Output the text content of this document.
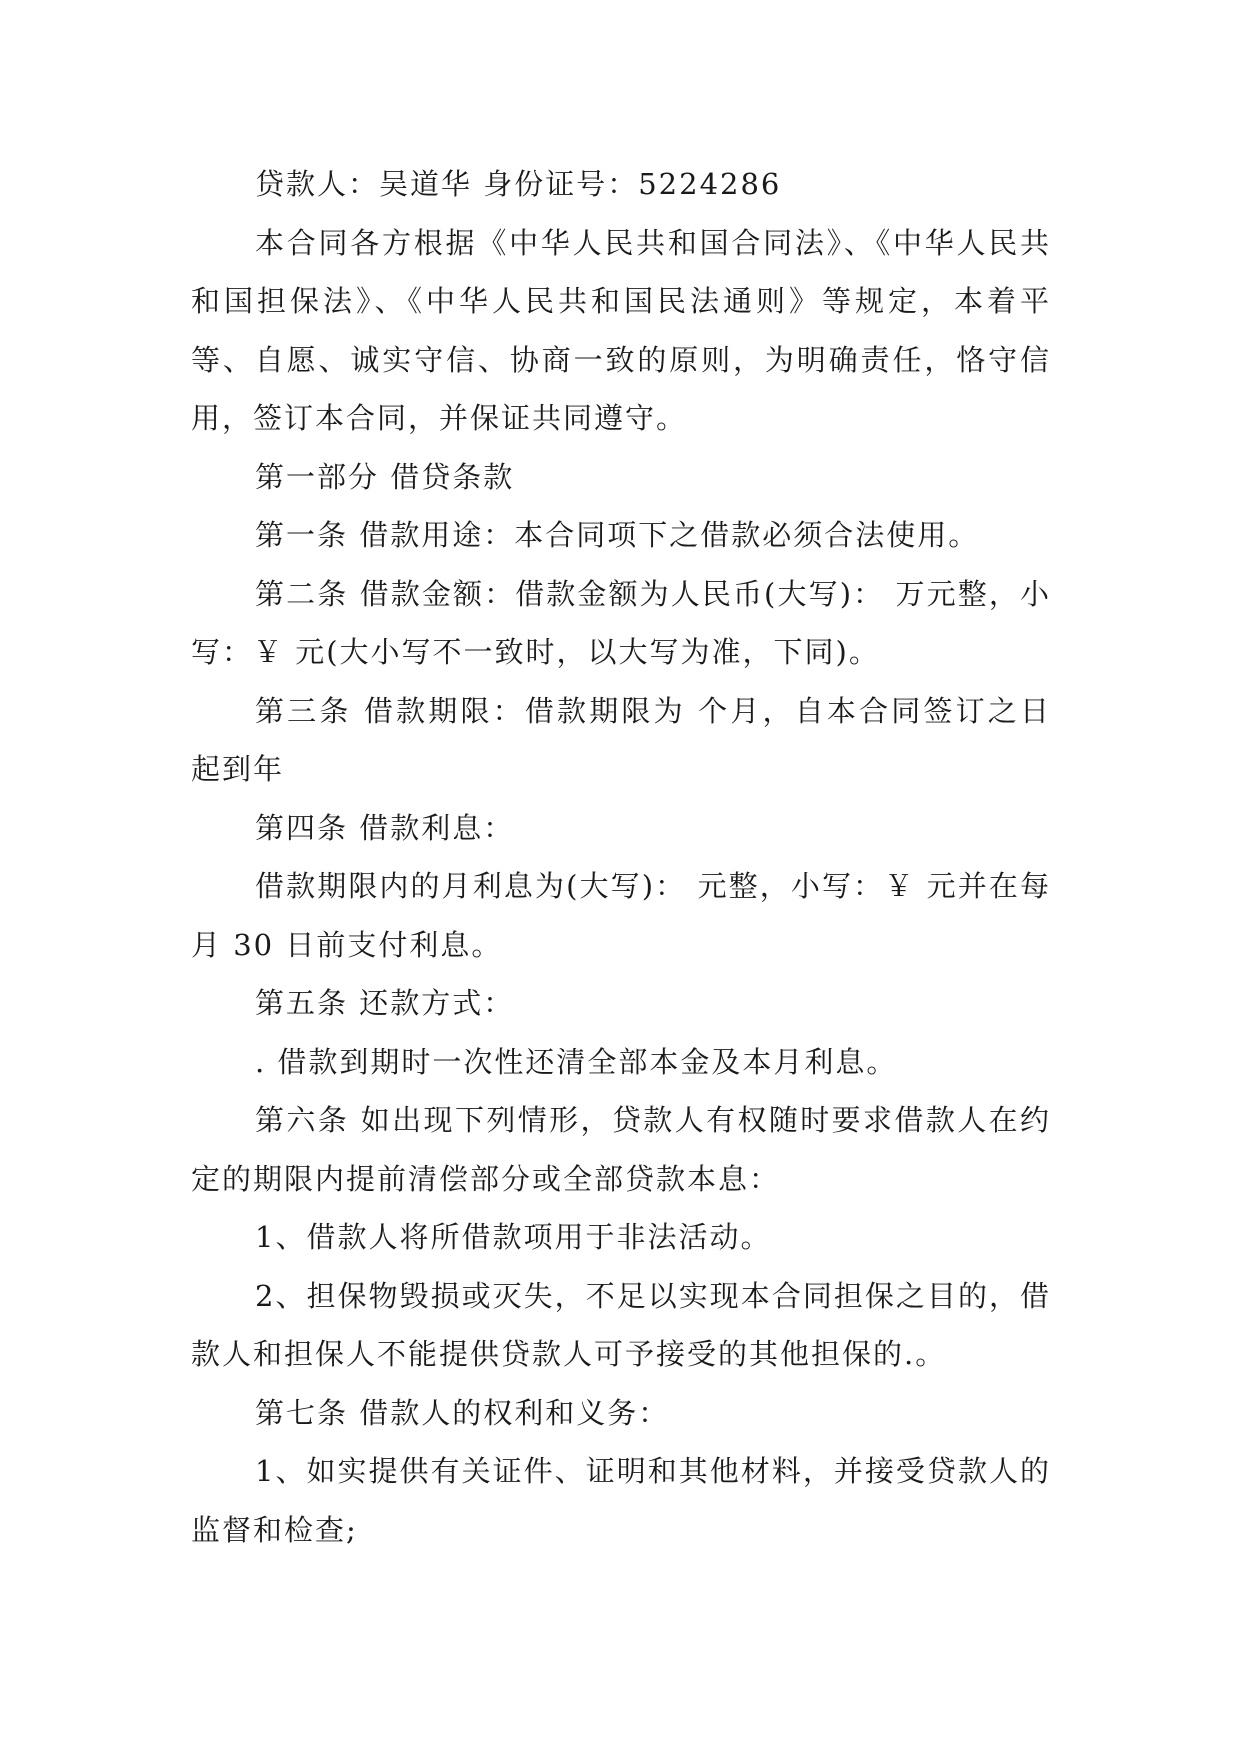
贷款人：吴道华 身份证号：5224286

本合同各方根据《中华人民共和国合同法》、《中华人民共和国担保法》、《中华人民共和国民法通则》等规定，本着平等、自愿、诚实守信、协商一致的原则，为明确责任，恪守信用，签订本合同，并保证共同遵守。

第一部分 借贷条款

第一条 借款用途：本合同项下之借款必须合法使用。

第二条 借款金额：借款金额为人民币(大写)： 万元整，小写：￥ 元(大小写不一致时，以大写为准，下同)。

第三条 借款期限：借款期限为 个月，自本合同签订之日起到年

第四条 借款利息：

借款期限内的月利息为(大写)： 元整，小写：￥ 元并在每月 30 日前支付利息。

第五条 还款方式：

. 借款到期时一次性还清全部本金及本月利息。

第六条 如出现下列情形，贷款人有权随时要求借款人在约定的期限内提前清偿部分或全部贷款本息：

1、借款人将所借款项用于非法活动。

2、担保物毁损或灭失，不足以实现本合同担保之目的，借款人和担保人不能提供贷款人可予接受的其他担保的.。

第七条 借款人的权利和义务：

1、如实提供有关证件、证明和其他材料，并接受贷款人的监督和检查;
